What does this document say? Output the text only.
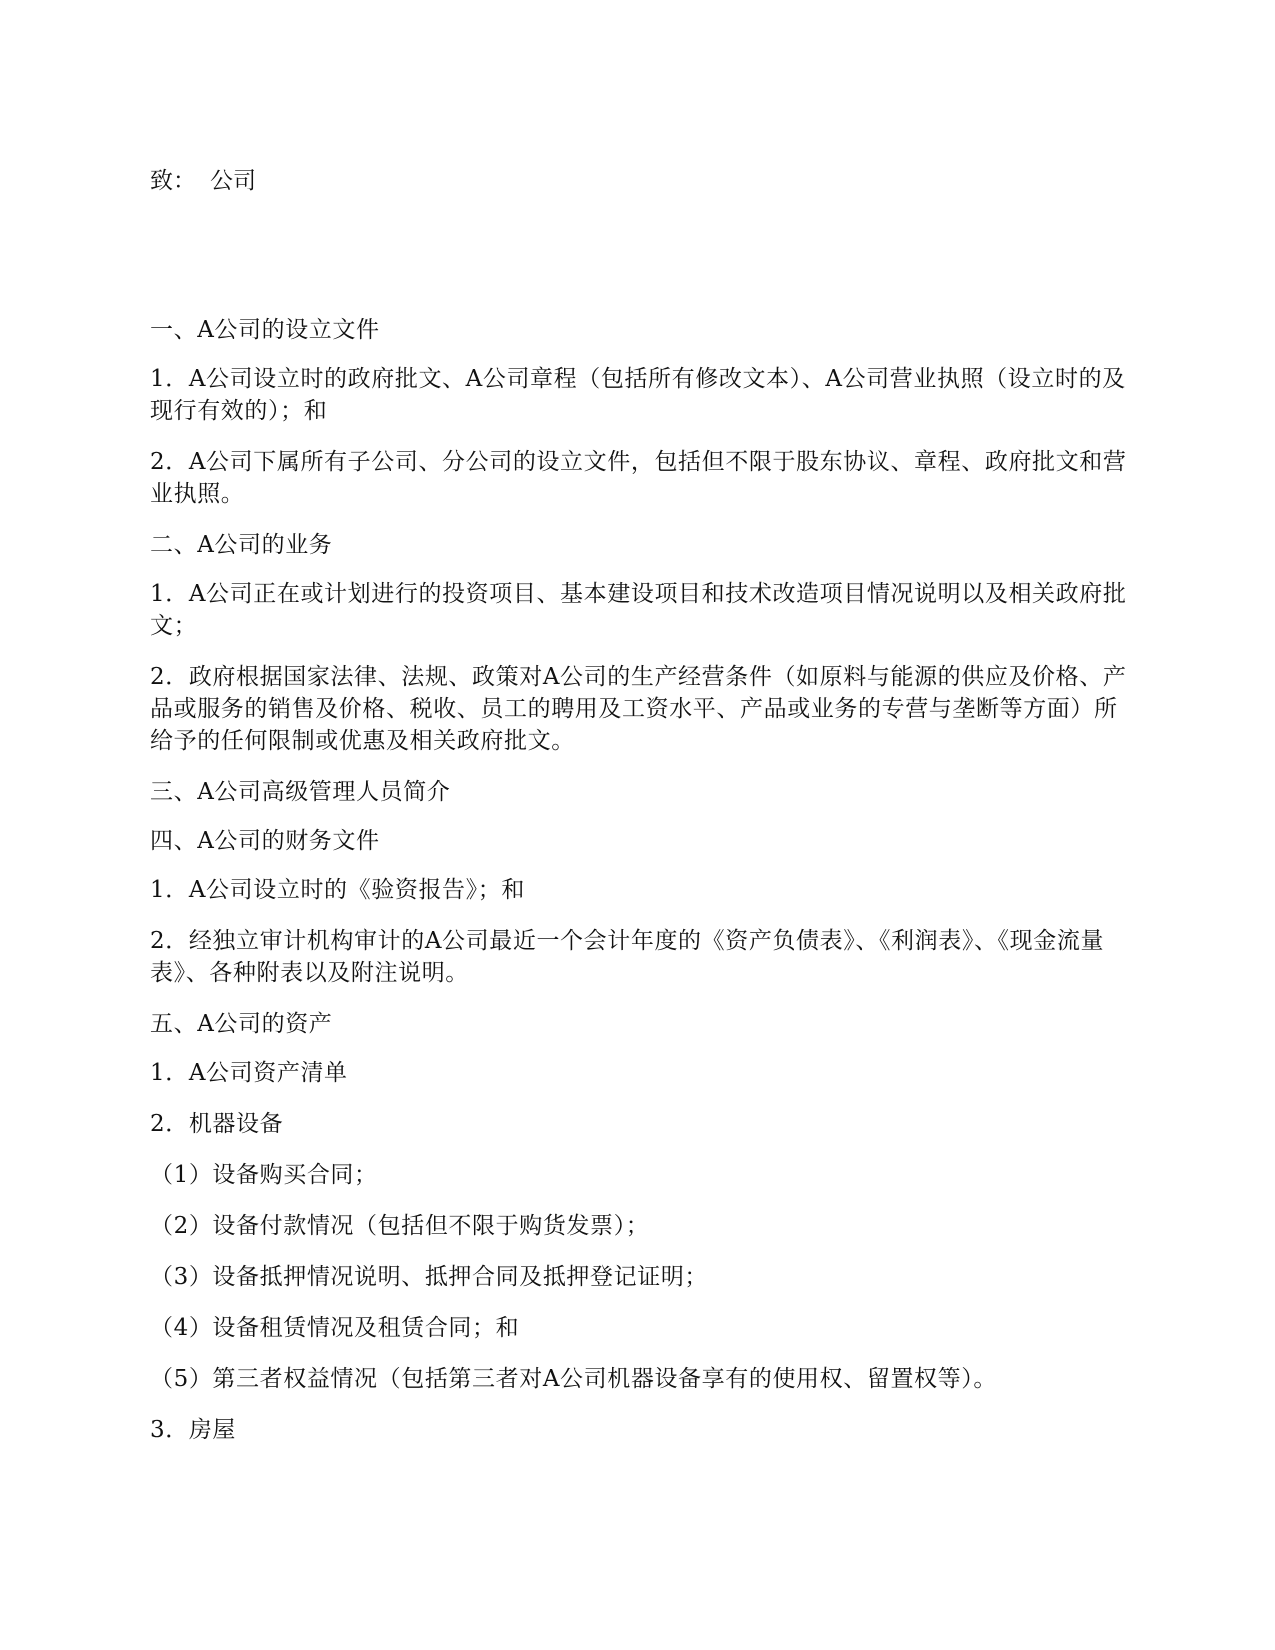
致： 公司

一、A公司的设立文件

1．A公司设立时的政府批文、A公司章程（包括所有修改文本）、A公司营业执照（设立时的及现行有效的）；和

2．A公司下属所有子公司、分公司的设立文件，包括但不限于股东协议、章程、政府批文和营业执照。

二、A公司的业务

1．A公司正在或计划进行的投资项目、基本建设项目和技术改造项目情况说明以及相关政府批文；

2．政府根据国家法律、法规、政策对A公司的生产经营条件（如原料与能源的供应及价格、产品或服务的销售及价格、税收、员工的聘用及工资水平、产品或业务的专营与垄断等方面）所给予的任何限制或优惠及相关政府批文。

三、A公司高级管理人员简介

四、A公司的财务文件

1．A公司设立时的《验资报告》；和

2．经独立审计机构审计的A公司最近一个会计年度的《资产负债表》、《利润表》、《现金流量表》、各种附表以及附注说明。

五、A公司的资产

1．A公司资产清单

2．机器设备

（1）设备购买合同；

（2）设备付款情况（包括但不限于购货发票）；

（3）设备抵押情况说明、抵押合同及抵押登记证明；

（4）设备租赁情况及租赁合同；和

（5）第三者权益情况（包括第三者对A公司机器设备享有的使用权、留置权等）。

3．房屋
